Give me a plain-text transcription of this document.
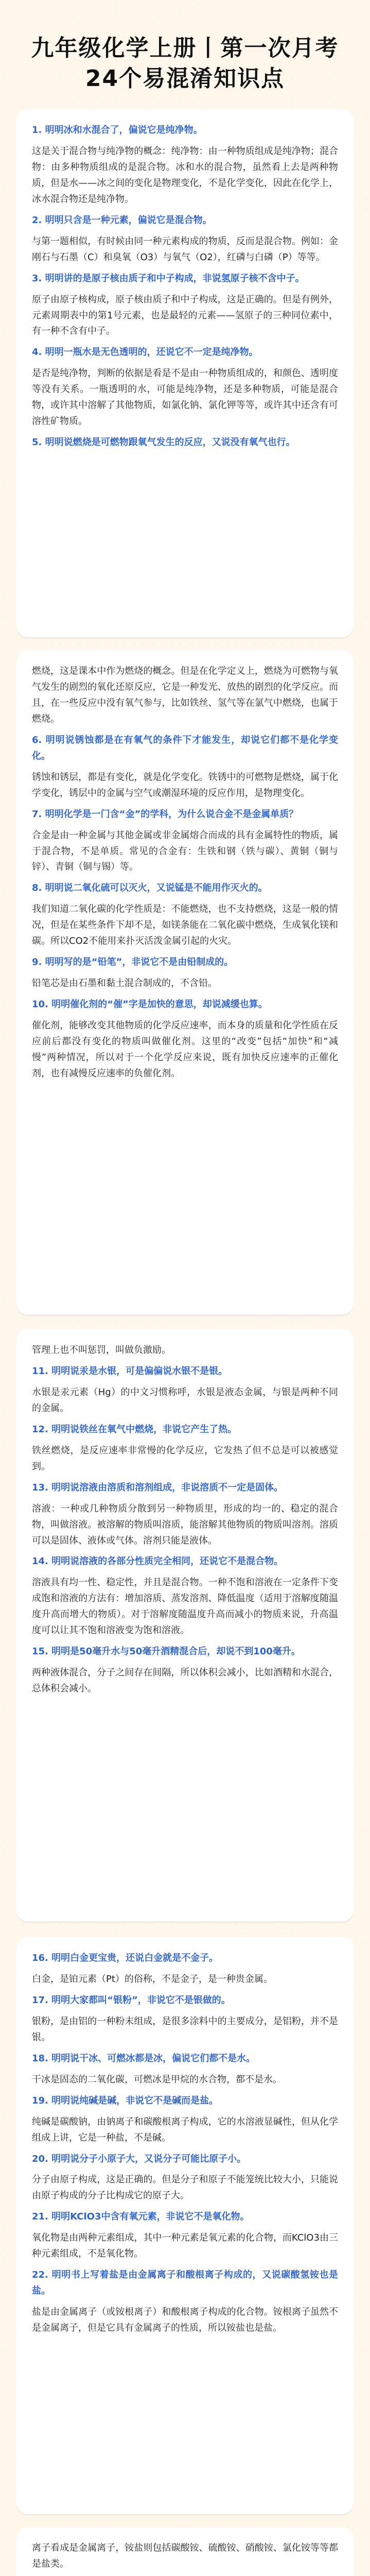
九年级化学上册丨第一次月考
24个易混淆知识点

1. 明明冰和水混合了，偏说它是纯净物。

这是关于混合物与纯净物的概念：纯净物：由一种物质组成是纯净物；混合物：由多种物质组成的是混合物。冰和水的混合物，虽然看上去是两种物质，但是水——冰之间的变化是物理变化，不是化学变化，因此在化学上，冰水混合物还是纯净物。

2. 明明只含是一种元素，偏说它是混合物。

与第一题相似，有时候由同一种元素构成的物质，反而是混合物。例如：金刚石与石墨（C）和臭氧（O3）与氧气（O2），红磷与白磷（P）等等。

3. 明明讲的是原子核由质子和中子构成，非说氢原子核不含中子。

原子由原子核构成，原子核由质子和中子构成，这是正确的。但是有例外，元素周期表中的第1号元素，也是最轻的元素——氢原子的三种同位素中，有一种不含有中子。

4. 明明一瓶水是无色透明的，还说它不一定是纯净物。

是否是纯净物，判断的依据是看是不是由一种物质组成的，和颜色、透明度等没有关系。一瓶透明的水，可能是纯净物，还是多种物质，可能是混合物，或许其中溶解了其他物质，如氯化钠、氯化钾等等，或许其中还含有可溶性矿物质。

5. 明明说燃烧是可燃物跟氧气发生的反应，又说没有氧气也行。

燃烧，这是课本中作为燃烧的概念。但是在化学定义上，燃烧为可燃物与氧气发生的剧烈的氧化还原反应，它是一种发光、放热的剧烈的化学反应。而且，在一些反应中没有氧气参与，比如铁丝、氢气等在氯气中燃烧，也属于燃烧。

6. 明明说锈蚀都是在有氧气的条件下才能发生，却说它们都不是化学变化。

锈蚀和锈层，都是有变化，就是化学变化。铁锈中的可燃物是燃烧，属于化学变化，锈层中的金属与空气或潮湿环境的反应作用，是物理变化。

7. 明明化学是一门含“金”的学科，为什么说合金不是金属单质？

合金是由一种金属与其他金属或非金属熔合而成的具有金属特性的物质，属于混合物，不是单质。常见的合金有：生铁和钢（铁与碳）、黄铜（铜与锌）、青铜（铜与锡）等。

8. 明明说二氧化硫可以灭火，又说锰是不能用作灭火的。

我们知道二氧化碳的化学性质是：不能燃烧，也不支持燃烧，这是一般的情况，但是在某些条件下却不是，如镁条能在二氧化碳中燃烧，生成氧化镁和碳。所以CO2不能用来扑灭活泼金属引起的火灾。

9. 明明写的是“铅笔”，非说它不是由铅制成的。

铅笔芯是由石墨和黏土混合制成的，不含铅。

10. 明明催化剂的“催”字是加快的意思，却说减缓也算。

催化剂，能够改变其他物质的化学反应速率，而本身的质量和化学性质在反应前后都没有变化的物质叫做催化剂。这里的“改变”包括“加快”和“减慢”两种情况，所以对于一个化学反应来说，既有加快反应速率的正催化剂，也有减慢反应速率的负催化剂。

管理上也不叫惩罚，叫做负激励。

11. 明明说汞是水银，可是偏偏说水银不是银。

水银是汞元素（Hg）的中文习惯称呼，水银是液态金属，与银是两种不同的金属。

12. 明明说铁丝在氧气中燃烧，非说它产生了热。

铁丝燃烧，是反应速率非常慢的化学反应，它发热了但不总是可以被感觉到。

13. 明明说溶液由溶质和溶剂组成，非说溶质不一定是固体。

溶液：一种或几种物质分散到另一种物质里，形成的均一的、稳定的混合物，叫做溶液。被溶解的物质叫溶质，能溶解其他物质的物质叫溶剂。溶质可以是固体、液体或气体。溶剂只能是液体。

14. 明明说溶液的各部分性质完全相同，还说它不是混合物。

溶液具有均一性、稳定性，并且是混合物。一种不饱和溶液在一定条件下变成饱和溶液的方法有：增加溶质、蒸发溶剂、降低温度（适用于溶解度随温度升高而增大的物质）。对于溶解度随温度升高而减小的物质来说，升高温度可以让其不饱和溶液变为饱和溶液。

15. 明明是50毫升水与50毫升酒精混合后，却说不到100毫升。

两种液体混合，分子之间存在间隔，所以体积会减小，比如酒精和水混合，总体积会减小。

16. 明明白金更宝贵，还说白金就是不金子。

白金，是铂元素（Pt）的俗称，不是金子，是一种贵金属。

17. 明明大家都叫“银粉”，非说它不是银做的。

银粉，是由铝的一种粉末组成，是很多涂料中的主要成分，是铝粉，并不是银。

18. 明明说干冰、可燃冰都是冰，偏说它们都不是水。

干冰是固态的二氧化碳，可燃冰是甲烷的水合物，都不是水。

19. 明明说纯碱是碱，非说它不是碱而是盐。

纯碱是碳酸钠，由钠离子和碳酸根离子构成，它的水溶液显碱性，但从化学组成上讲，它是一种盐，不是碱。

20. 明明说分子小原子大，又说分子可能比原子小。

分子由原子构成，这是正确的。但是分子和原子不能笼统比较大小，只能说由原子构成的分子比构成它的原子大。

21. 明明KClO3中含有氧元素，非说它不是氧化物。

氧化物是由两种元素组成，其中一种元素是氧元素的化合物，而KClO3由三种元素组成，不是氧化物。

22. 明明书上写着盐是由金属离子和酸根离子构成的，又说碳酸氢铵也是盐。

盐是由金属离子（或铵根离子）和酸根离子构成的化合物。铵根离子虽然不是金属离子，但是它具有金属离子的性质，所以铵盐也是盐。

离子看成是金属离子，铵盐则包括碳酸铵、硫酸铵、硝酸铵、氯化铵等等都是盐类。
